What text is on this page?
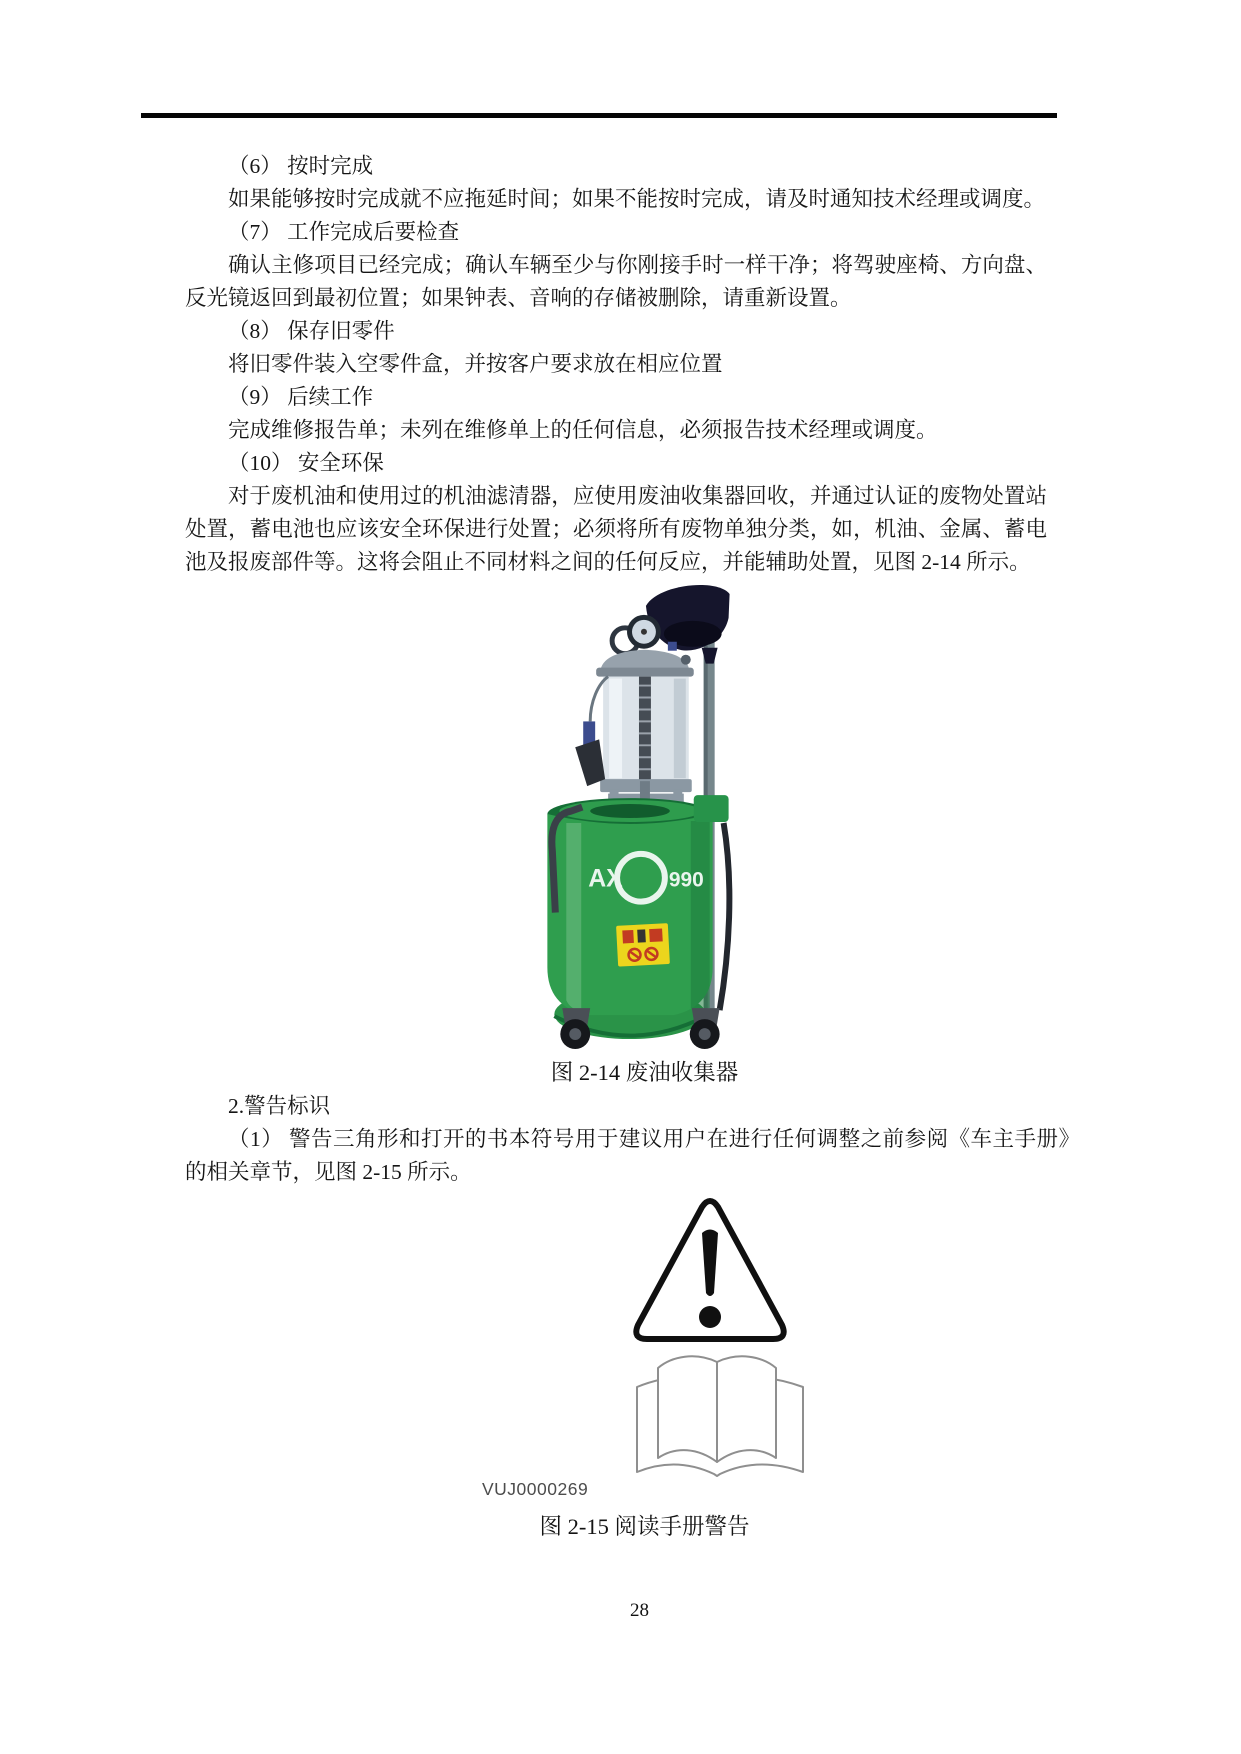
（6） 按时完成

如果能够按时完成就不应拖延时间；如果不能按时完成，请及时通知技术经理或调度。

（7） 工作完成后要检查

确认主修项目已经完成；确认车辆至少与你刚接手时一样干净；将驾驶座椅、方向盘、反光镜返回到最初位置；如果钟表、音响的存储被删除，请重新设置。

（8） 保存旧零件

将旧零件装入空零件盒，并按客户要求放在相应位置

（9） 后续工作

完成维修报告单；未列在维修单上的任何信息，必须报告技术经理或调度。

（10） 安全环保

对于废机油和使用过的机油滤清器，应使用废油收集器回收，并通过认证的废物处置站处置，蓄电池也应该安全环保进行处置；必须将所有废物单独分类，如，机油、金属、蓄电池及报废部件等。这将会阻止不同材料之间的任何反应，并能辅助处置，见图 2-14 所示。

AX 990
图 2-14 废油收集器

2.警告标识

（1） 警告三角形和打开的书本符号用于建议用户在进行任何调整之前参阅《车主手册》的相关章节，见图 2-15 所示。

VUJ0000269
图 2-15 阅读手册警告
28
